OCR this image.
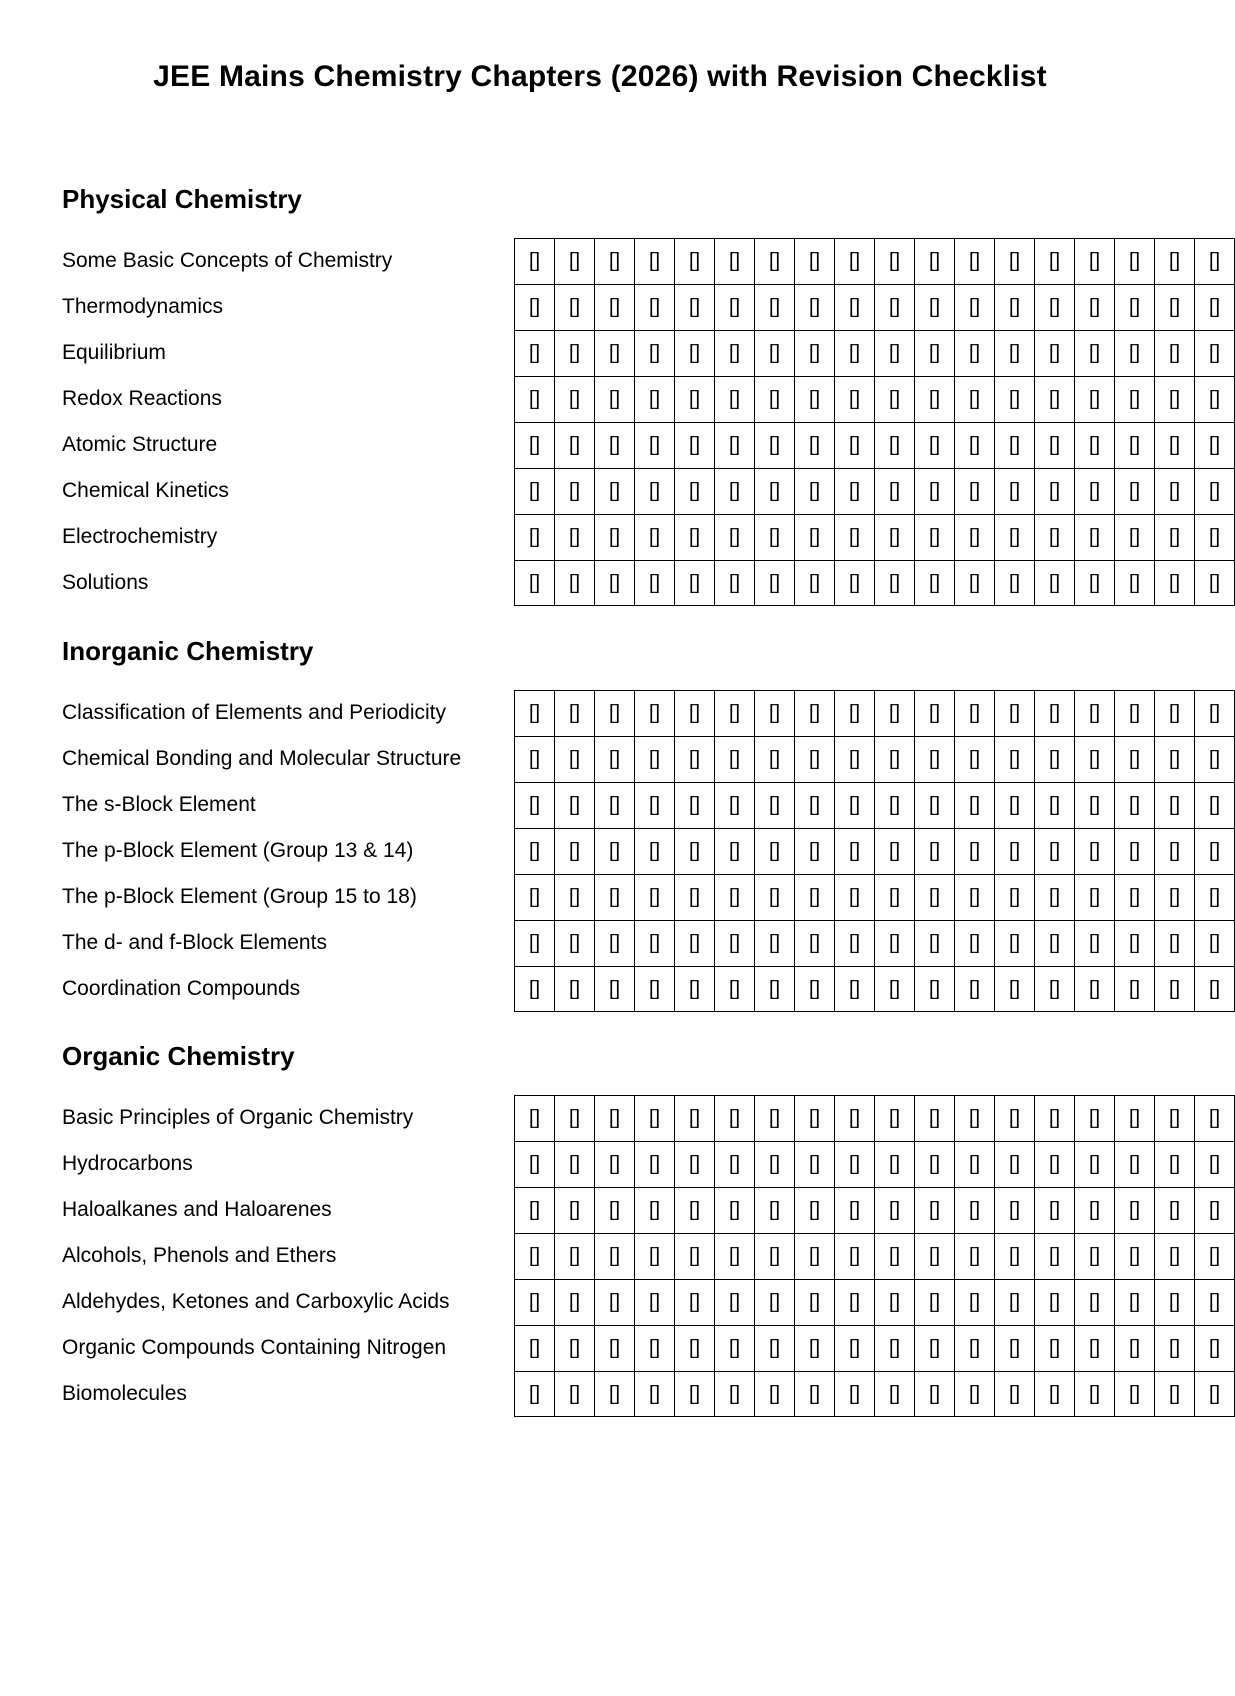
JEE Mains Chemistry Chapters (2026) with Revision Checklist
Physical Chemistry
Some Basic Concepts of Chemistry	[]	[]	[]	[]	[]	[]	[]	[]	[]	[]	[]	[]	[]	[]	[]	[]	[]	[]
Thermodynamics	[]	[]	[]	[]	[]	[]	[]	[]	[]	[]	[]	[]	[]	[]	[]	[]	[]	[]
Equilibrium	[]	[]	[]	[]	[]	[]	[]	[]	[]	[]	[]	[]	[]	[]	[]	[]	[]	[]
Redox Reactions	[]	[]	[]	[]	[]	[]	[]	[]	[]	[]	[]	[]	[]	[]	[]	[]	[]	[]
Atomic Structure	[]	[]	[]	[]	[]	[]	[]	[]	[]	[]	[]	[]	[]	[]	[]	[]	[]	[]
Chemical Kinetics	[]	[]	[]	[]	[]	[]	[]	[]	[]	[]	[]	[]	[]	[]	[]	[]	[]	[]
Electrochemistry	[]	[]	[]	[]	[]	[]	[]	[]	[]	[]	[]	[]	[]	[]	[]	[]	[]	[]
Solutions	[]	[]	[]	[]	[]	[]	[]	[]	[]	[]	[]	[]	[]	[]	[]	[]	[]	[]
Inorganic Chemistry
Classification of Elements and Periodicity	[]	[]	[]	[]	[]	[]	[]	[]	[]	[]	[]	[]	[]	[]	[]	[]	[]	[]
Chemical Bonding and Molecular Structure	[]	[]	[]	[]	[]	[]	[]	[]	[]	[]	[]	[]	[]	[]	[]	[]	[]	[]
The s-Block Element	[]	[]	[]	[]	[]	[]	[]	[]	[]	[]	[]	[]	[]	[]	[]	[]	[]	[]
The p-Block Element (Group 13 & 14)	[]	[]	[]	[]	[]	[]	[]	[]	[]	[]	[]	[]	[]	[]	[]	[]	[]	[]
The p-Block Element (Group 15 to 18)	[]	[]	[]	[]	[]	[]	[]	[]	[]	[]	[]	[]	[]	[]	[]	[]	[]	[]
The d- and f-Block Elements	[]	[]	[]	[]	[]	[]	[]	[]	[]	[]	[]	[]	[]	[]	[]	[]	[]	[]
Coordination Compounds	[]	[]	[]	[]	[]	[]	[]	[]	[]	[]	[]	[]	[]	[]	[]	[]	[]	[]
Organic Chemistry
Basic Principles of Organic Chemistry	[]	[]	[]	[]	[]	[]	[]	[]	[]	[]	[]	[]	[]	[]	[]	[]	[]	[]
Hydrocarbons	[]	[]	[]	[]	[]	[]	[]	[]	[]	[]	[]	[]	[]	[]	[]	[]	[]	[]
Haloalkanes and Haloarenes	[]	[]	[]	[]	[]	[]	[]	[]	[]	[]	[]	[]	[]	[]	[]	[]	[]	[]
Alcohols, Phenols and Ethers	[]	[]	[]	[]	[]	[]	[]	[]	[]	[]	[]	[]	[]	[]	[]	[]	[]	[]
Aldehydes, Ketones and Carboxylic Acids	[]	[]	[]	[]	[]	[]	[]	[]	[]	[]	[]	[]	[]	[]	[]	[]	[]	[]
Organic Compounds Containing Nitrogen	[]	[]	[]	[]	[]	[]	[]	[]	[]	[]	[]	[]	[]	[]	[]	[]	[]	[]
Biomolecules	[]	[]	[]	[]	[]	[]	[]	[]	[]	[]	[]	[]	[]	[]	[]	[]	[]	[]
